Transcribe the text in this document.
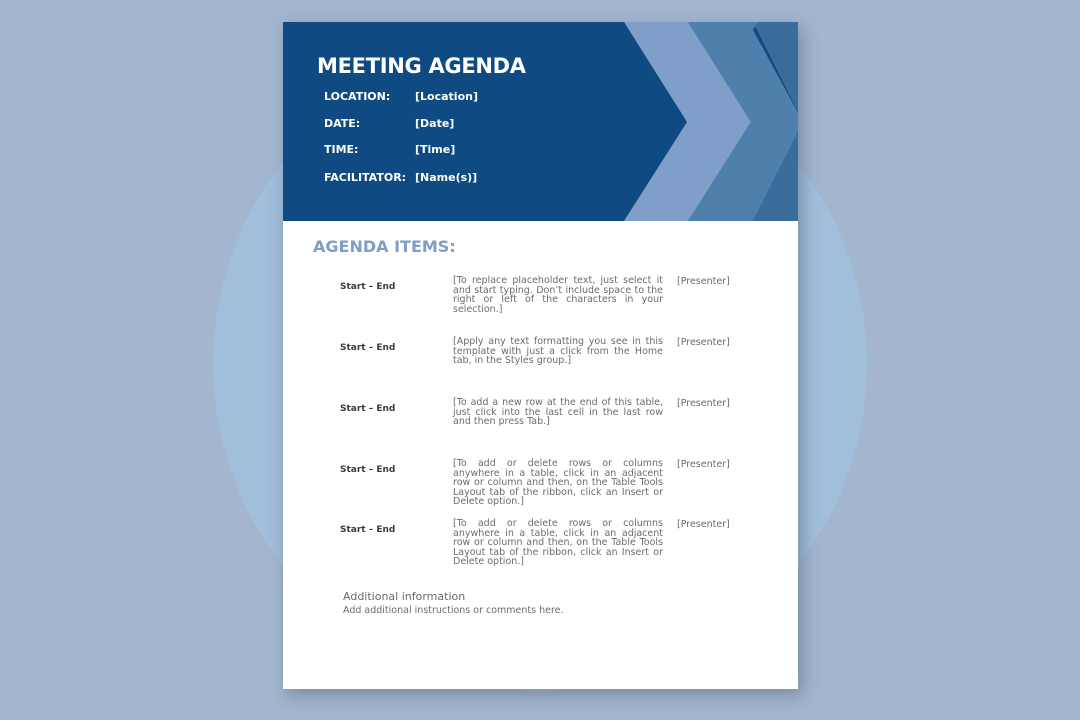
MEETING AGENDA
LOCATION: [Location]
DATE:	[Date]
TIME:	[Time]
FACILITATOR: [Name(s)]
AGENDA ITEMS:
Start – End
[To replace placeholder text, just select it and start typing. Don’t include space to the right or left of the characters in your selection.]
[Presenter]
Start – End
[Apply any text formatting you see in this template with just a click from the Home tab, in the Styles group.]
[Presenter]
Start – End
[To add a new row at the end of this table, just click into the last cell in the last row and then press Tab.]
[Presenter]
Start – End
[To add or delete rows or columns anywhere in a table, click in an adjacent row or column and then, on the Table Tools Layout tab of the ribbon, click an Insert or Delete option.]
[Presenter]
Start – End
[To add or delete rows or columns anywhere in a table, click in an adjacent row or column and then, on the Table Tools Layout tab of the ribbon, click an Insert or Delete option.]
[Presenter]

Additional information

Add additional instructions or comments here.
